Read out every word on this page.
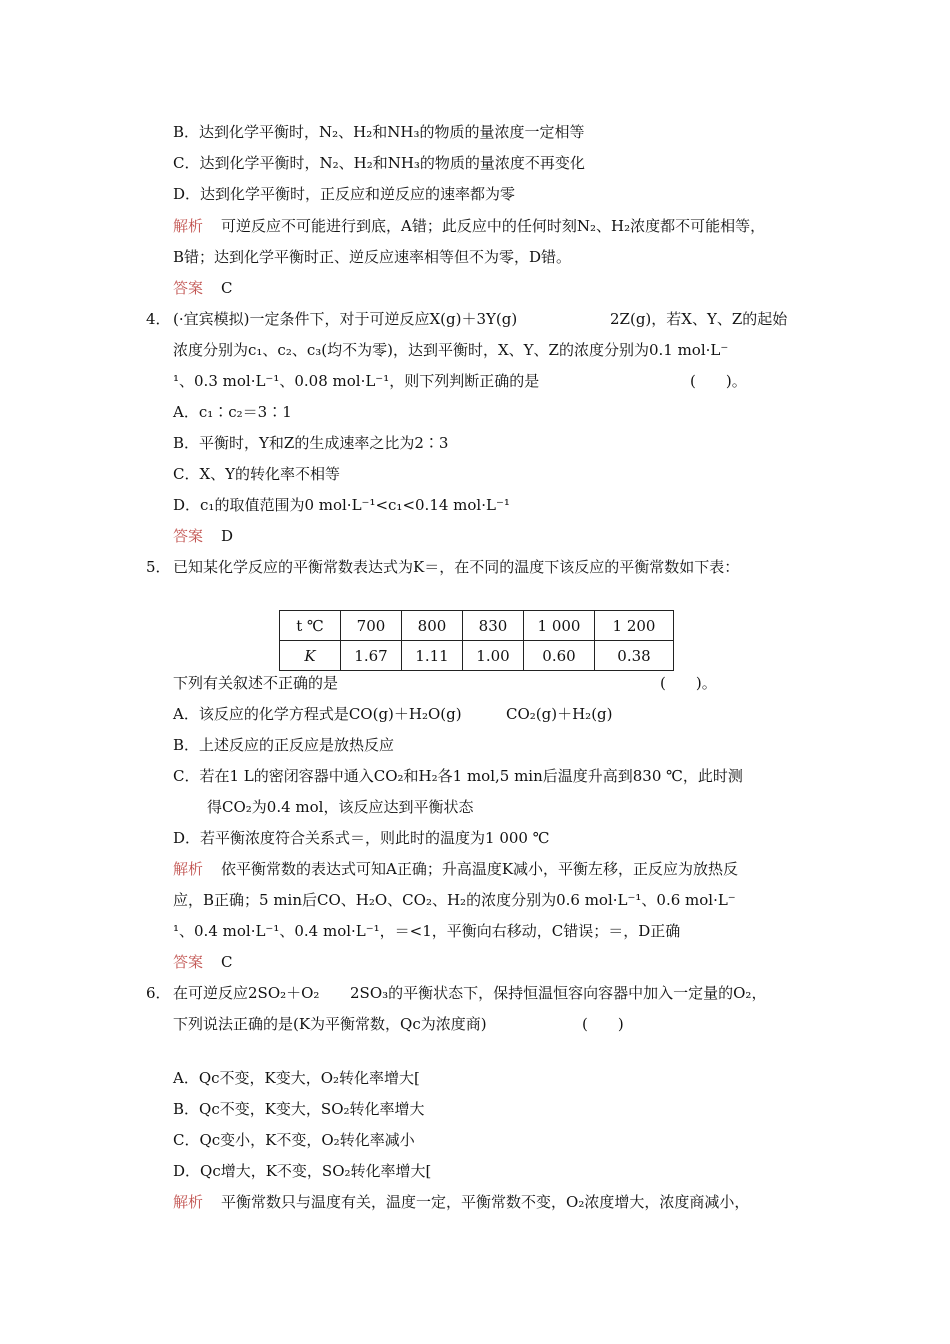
B．达到化学平衡时，N₂、H₂和NH₃的物质的量浓度一定相等
C．达到化学平衡时，N₂、H₂和NH₃的物质的量浓度不再变化
D．达到化学平衡时，正反应和逆反应的速率都为零
解析 可逆反应不可能进行到底，A错；此反应中的任何时刻N₂、H₂浓度都不可能相等，
B错；达到化学平衡时正、逆反应速率相等但不为零，D错。
答案 C
4． (·宜宾模拟)一定条件下，对于可逆反应X(g)＋3Y(g)	2Z(g)，若X、Y、Z的起始
浓度分别为c₁、c₂、c₃(均不为零)，达到平衡时，X、Y、Z的浓度分别为0.1 mol·L⁻
¹、0.3 mol·L⁻¹、0.08 mol·L⁻¹，则下列判断正确的是	(　　)。
A．c₁∶c₂＝3∶1
B．平衡时，Y和Z的生成速率之比为2∶3
C．X、Y的转化率不相等
D．c₁的取值范围为0 mol·L⁻¹<c₁<0.14 mol·L⁻¹
答案 D
5． 已知某化学反应的平衡常数表达式为K＝，在不同的温度下该反应的平衡常数如下表：
t ℃	700	800	830	1 000	1 200
K	1.67	1.11	1.00	0.60	0.38
下列有关叙述不正确的是	(　　)。
A．该反应的化学方程式是CO(g)＋H₂O(g)	CO₂(g)＋H₂(g)
B．上述反应的正反应是放热反应
C．若在1 L的密闭容器中通入CO₂和H₂各1 mol,5 min后温度升高到830 ℃，此时测
得CO₂为0.4 mol，该反应达到平衡状态
D．若平衡浓度符合关系式＝，则此时的温度为1 000 ℃
解析 依平衡常数的表达式可知A正确；升高温度K减小，平衡左移，正反应为放热反
应，B正确；5 min后CO、H₂O、CO₂、H₂的浓度分别为0.6 mol·L⁻¹、0.6 mol·L⁻
¹、0.4 mol·L⁻¹、0.4 mol·L⁻¹，＝<1，平衡向右移动，C错误；＝，D正确
答案 C
6． 在可逆反应2SO₂＋O₂ 2SO₃的平衡状态下，保持恒温恒容向容器中加入一定量的O₂，
下列说法正确的是(K为平衡常数，Qc为浓度商)	(　　)
A．Qc不变，K变大，O₂转化率增大[
B．Qc不变，K变大，SO₂转化率增大
C．Qc变小，K不变，O₂转化率减小
D．Qc增大，K不变，SO₂转化率增大[
解析 平衡常数只与温度有关，温度一定，平衡常数不变，O₂浓度增大，浓度商减小，
